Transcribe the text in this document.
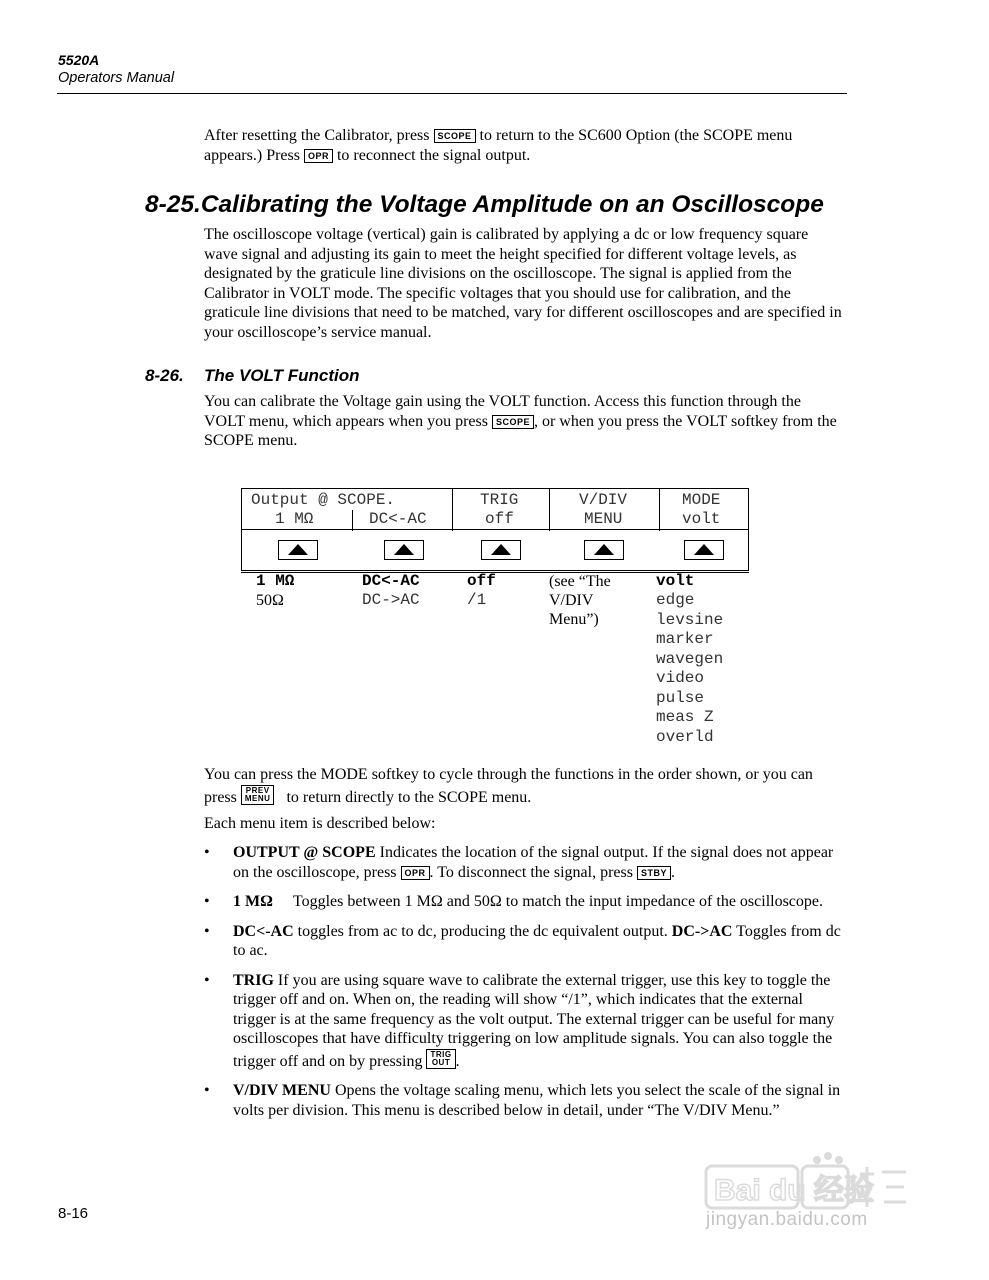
5520A
Operators Manual

After resetting the Calibrator, press SCOPE to return to the SC600 Option (the SCOPE menu appears.) Press OPR to reconnect the signal output.

8-25.Calibrating the Voltage Amplitude on an Oscilloscope

The oscilloscope voltage (vertical) gain is calibrated by applying a dc or low frequency square wave signal and adjusting its gain to meet the height specified for different voltage levels, as designated by the graticule line divisions on the oscilloscope. The signal is applied from the Calibrator in VOLT mode. The specific voltages that you should use for calibration, and the graticule line divisions that need to be matched, vary for different oscilloscopes and are specified in your oscilloscope’s service manual.

8-26. The VOLT Function

You can calibrate the Voltage gain using the VOLT function. Access this function through the VOLT menu, which appears when you press SCOPE , or when you press the VOLT softkey from the SCOPE menu.

Output @ SCOPE.
1 MΩ	DC<-AC
TRIG
off
V/DIV
MENU
MODE
volt
1 MΩ
50Ω
DC<-AC
DC->AC
off
/1
(see “The
V/DIV
Menu”)
volt
edge
levsine
marker
wavegen
video
pulse
meas Z
overld

You can press the MODE softkey to cycle through the functions in the order shown, or you can press PREV
MENU to return directly to the SCOPE menu.

Each menu item is described below:

• OUTPUT @ SCOPE Indicates the location of the signal output. If the signal does not appear on the oscilloscope, press OPR . To disconnect the signal, press STBY .
• 1 MΩ Toggles between 1 MΩ and 50Ω to match the input impedance of the oscilloscope.
• DC<-AC toggles from ac to dc, producing the dc equivalent output. DC->AC Toggles from dc to ac.
• TRIG If you are using square wave to calibrate the external trigger, use this key to toggle the trigger off and on. When on, the reading will show “/1”, which indicates that the external trigger is at the same frequency as the volt output. The external trigger can be useful for many oscilloscopes that have difficulty triggering on low amplitude signals. You can also toggle the trigger off and on by pressing TRIG
OUT .
• V/DIV MENU Opens the voltage scaling menu, which lets you select the scale of the signal in volts per division. This menu is described below in detail, under “The V/DIV Menu.”
8-16
Bai du 经验
jingyan.baidu.com
